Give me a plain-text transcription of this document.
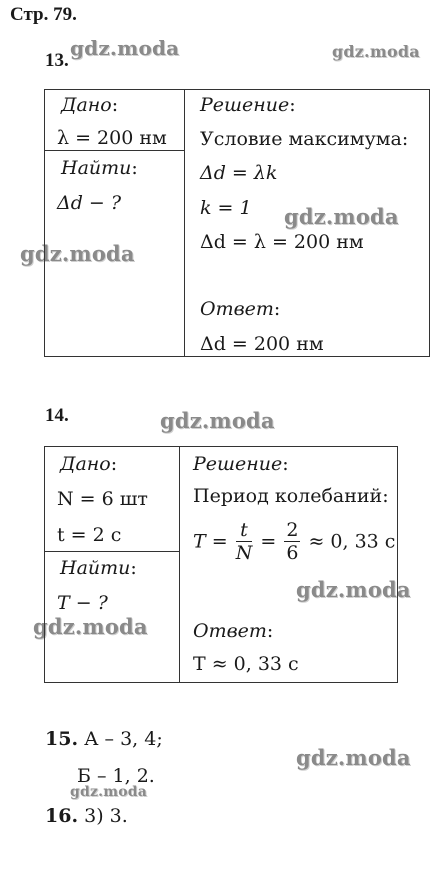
Стр. 79.
gdz.moda	gdz.moda
gdz.moda
gdz.moda
gdz.moda
gdz.moda
gdz.moda
gdz.moda
gdz.moda
13.
Дано:
λ = 200 нм
Найти:
Δd − ?
Решение:
Условие максимума:
Δd = λk
k = 1
Δd = λ = 200 нм
Ответ:
Δd = 200 нм
14.
Дано:
N = 6 шт
t = 2 с
Найти:
T − ?
Решение:
Период колебаний:
$T = \frac{t}{N} = \frac{2}{6} \approx 0$, 33 с
Ответ:
T ≈ 0, 33 с
15. А – 3, 4;
Б – 1, 2.
16. 3) 3.
